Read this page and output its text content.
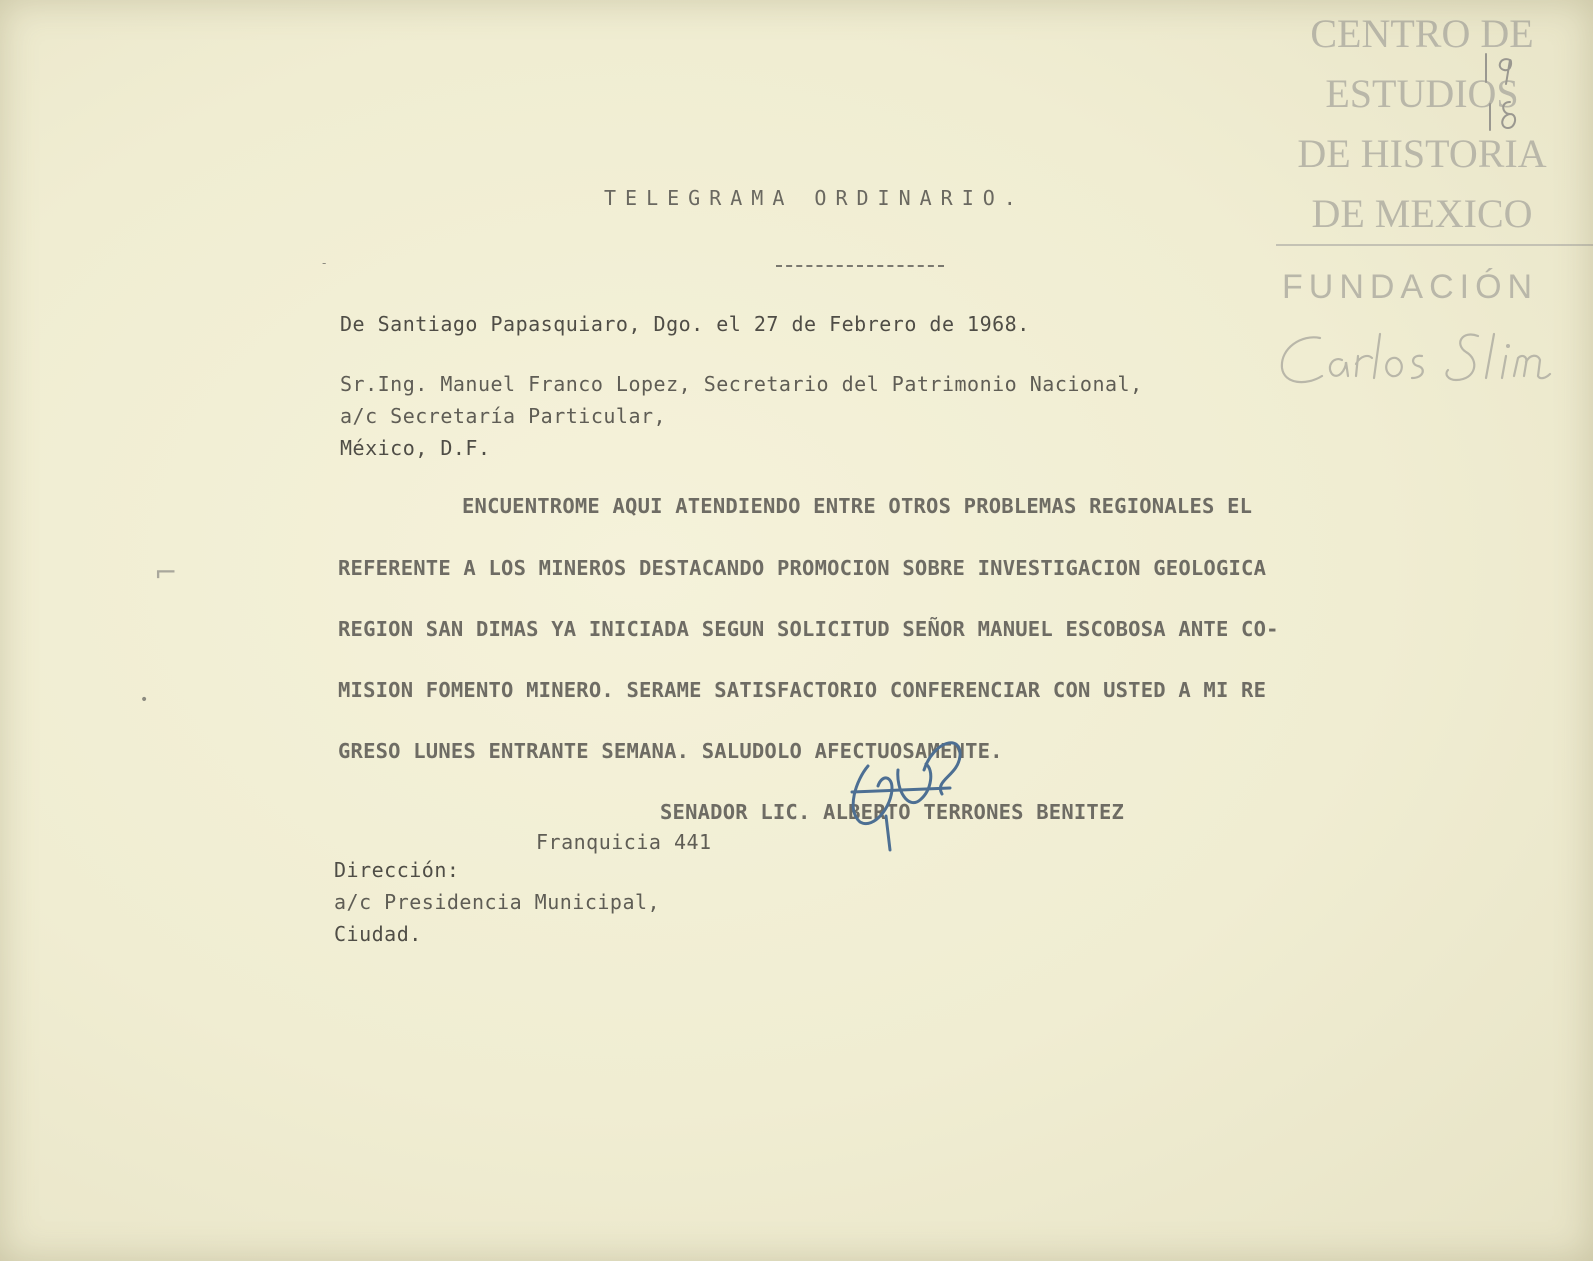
CENTRO DE

ESTUDIOS

DE HISTORIA

DE MEXICO

FUNDACIÓN

TELEGRAMA ORDINARIO.

De Santiago Papasquiaro, Dgo. el 27 de Febrero de 1968.

Sr.Ing. Manuel Franco Lopez, Secretario del Patrimonio Nacional,

a/c Secretaría Particular,

México, D.F.

ENCUENTROME AQUI ATENDIENDO ENTRE OTROS PROBLEMAS REGIONALES EL

REFERENTE A LOS MINEROS DESTACANDO PROMOCION SOBRE INVESTIGACION GEOLOGICA

REGION SAN DIMAS YA INICIADA SEGUN SOLICITUD SEÑOR MANUEL ESCOBOSA ANTE CO-

MISION FOMENTO MINERO. SERAME SATISFACTORIO CONFERENCIAR CON USTED A MI RE

GRESO LUNES ENTRANTE SEMANA. SALUDOLO AFECTUOSAMENTE.

SENADOR LIC. ALBERTO TERRONES BENITEZ

Franquicia 441

Dirección:

a/c Presidencia Municipal,

Ciudad.

-
⌐
•
